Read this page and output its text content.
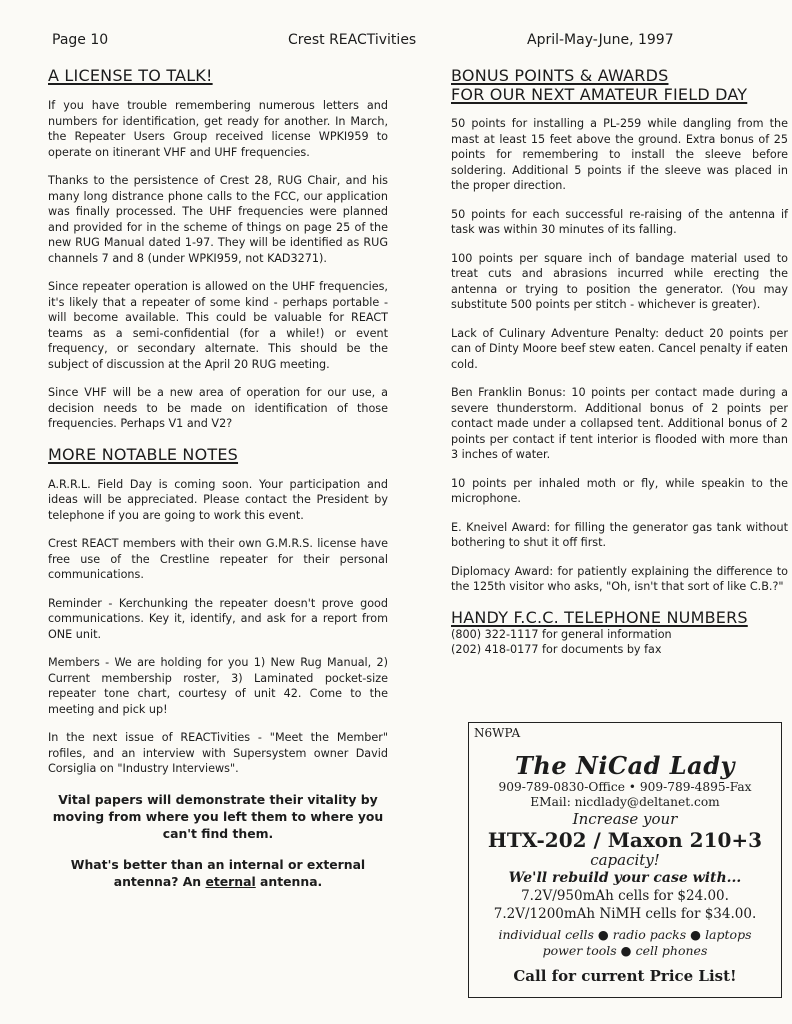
Page 10	Crest REACTivities	April-May-June, 1997
A LICENSE TO TALK!

If you have trouble remembering numerous letters and numbers for identification, get ready for another. In March, the Repeater Users Group received license WPKI959 to operate on itinerant VHF and UHF frequencies.

Thanks to the persistence of Crest 28, RUG Chair, and his many long distrance phone calls to the FCC, our application was finally processed. The UHF frequencies were planned and provided for in the scheme of things on page 25 of the new RUG Manual dated 1-97. They will be identified as RUG channels 7 and 8 (under WPKI959, not KAD3271).

Since repeater operation is allowed on the UHF frequencies, it's likely that a repeater of some kind - perhaps portable - will become available. This could be valuable for REACT teams as a semi-confidential (for a while!) or event frequency, or secondary alternate. This should be the subject of discussion at the April 20 RUG meeting.

Since VHF will be a new area of operation for our use, a decision needs to be made on identification of those frequencies. Perhaps V1 and V2?

MORE NOTABLE NOTES

A.R.R.L. Field Day is coming soon. Your participation and ideas will be appreciated. Please contact the President by telephone if you are going to work this event.

Crest REACT members with their own G.M.R.S. license have free use of the Crestline repeater for their personal communications.

Reminder - Kerchunking the repeater doesn't prove good communications. Key it, identify, and ask for a report from ONE unit.

Members - We are holding for you 1) New Rug Manual, 2) Current membership roster, 3) Laminated pocket-size repeater tone chart, courtesy of unit 42. Come to the meeting and pick up!

In the next issue of REACTivities - "Meet the Member" rofiles, and an interview with Supersystem owner David Corsiglia on "Industry Interviews".

Vital papers will demonstrate their vitality by moving from where you left them to where you can't find them.

What's better than an internal or external antenna? An eternal antenna.

BONUS POINTS & AWARDS
FOR OUR NEXT AMATEUR FIELD DAY

50 points for installing a PL-259 while dangling from the mast at least 15 feet above the ground. Extra bonus of 25 points for remembering to install the sleeve before soldering. Additional 5 points if the sleeve was placed in the proper direction.

50 points for each successful re-raising of the antenna if task was within 30 minutes of its falling.

100 points per square inch of bandage material used to treat cuts and abrasions incurred while erecting the antenna or trying to position the generator. (You may substitute 500 points per stitch - whichever is greater).

Lack of Culinary Adventure Penalty: deduct 20 points per can of Dinty Moore beef stew eaten. Cancel penalty if eaten cold.

Ben Franklin Bonus: 10 points per contact made during a severe thunderstorm. Additional bonus of 2 points per contact made under a collapsed tent. Additional bonus of 2 points per contact if tent interior is flooded with more than 3 inches of water.

10 points per inhaled moth or fly, while speakin to the microphone.

E. Kneivel Award: for filling the generator gas tank without bothering to shut it off first.

Diplomacy Award: for patiently explaining the difference to the 125th visitor who asks, "Oh, isn't that sort of like C.B.?"

HANDY F.C.C. TELEPHONE NUMBERS

(800) 322-1117 for general information

(202) 418-0177 for documents by fax

N6WPA
The NiCad Lady
909-789-0830-Office • 909-789-4895-Fax
EMail: nicdlady@deltanet.com
Increase your
HTX-202 / Maxon 210+3
capacity!
We'll rebuild your case with...
7.2V/950mAh cells for $24.00.
7.2V/1200mAh NiMH cells for $34.00.
individual cells ● radio packs ● laptops
power tools ● cell phones
Call for current Price List!
